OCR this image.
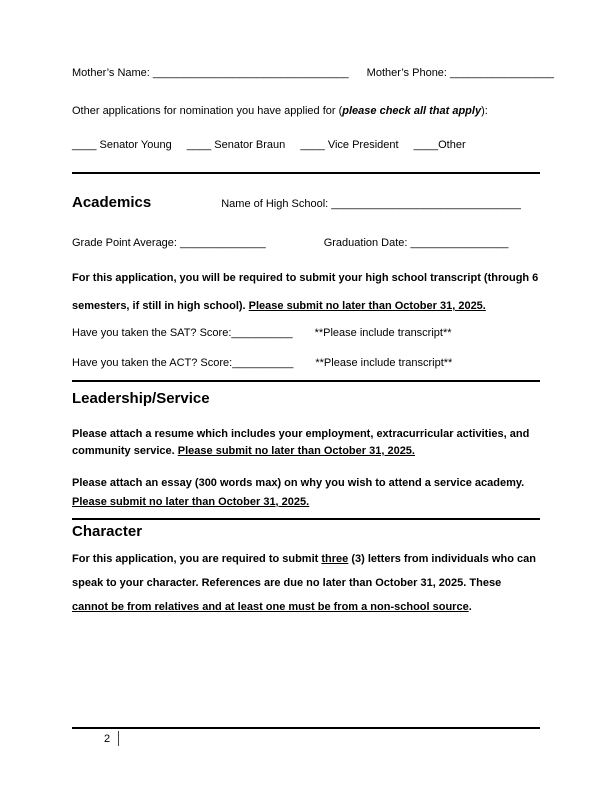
Mother’s Name: ________________________________ Mother’s Phone: _________________
Other applications for nomination you have applied for (please check all that apply):
____ Senator Young ____ Senator Braun ____ Vice President ____Other
Academics	Name of High School: _______________________________
Grade Point Average: ______________	Graduation Date: ________________

For this application, you will be required to submit your high school transcript (through 6 semesters, if still in high school). Please submit no later than October 31, 2025.

Have you taken the SAT? Score:__________ **Please include transcript**
Have you taken the ACT? Score:__________ **Please include transcript**
Leadership/Service

Please attach a resume which includes your employment, extracurricular activities, and community service. Please submit no later than October 31, 2025.

Please attach an essay (300 words max) on why you wish to attend a service academy. Please submit no later than October 31, 2025.

Character

For this application, you are required to submit three (3) letters from individuals who can speak to your character. References are due no later than October 31, 2025. These cannot be from relatives and at least one must be from a non-school source.

2
